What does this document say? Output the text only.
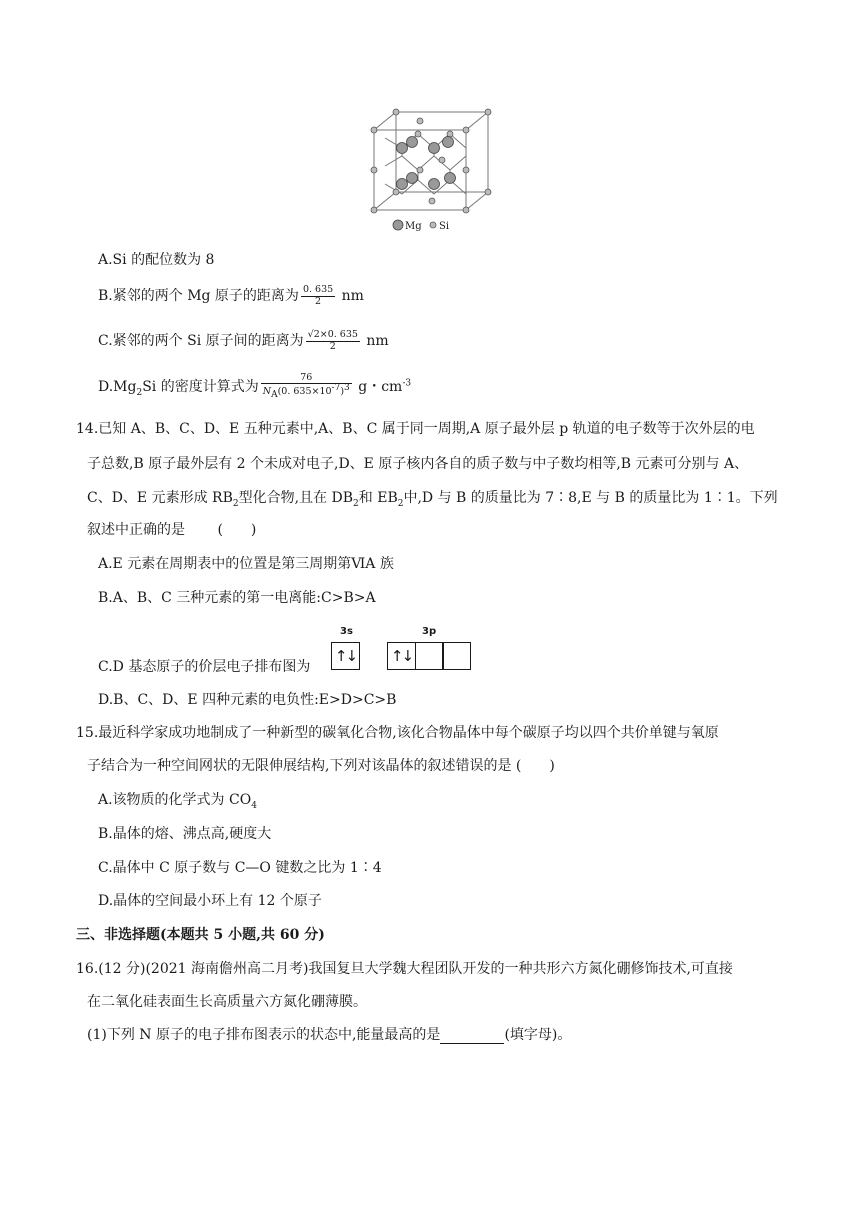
Mg Si
A.Si 的配位数为 8
B.紧邻的两个 Mg 原子的距离为 $\frac{0. 635}{2}$ nm
C.紧邻的两个 Si 原子间的距离为 $\frac{√2\times 0. 635}{2}$ nm
$D.Mg_2Si$ 的密度计算式为 $\frac{76}{N_A(0. 635\times 10^{-7})^3}$ g・$cm^{-3}$
14.已知 A、B、C、D、E 五种元素中,A、B、C 属于同一周期,A 原子最外层 p 轨道的电子数等于次外层的电
子总数,B 原子最外层有 2 个未成对电子,D、E 原子核内各自的质子数与中子数均相等,B 元素可分别与 A、
C、D、E 元素形成 $RB_2$型化合物,且在 $DB_2$和 $EB_2$中,D 与 B 的质量比为 7∶8,E 与 B 的质量比为 1∶1。下列
叙述中正确的是 　　(　　)
A.E 元素在周期表中的位置是第三周期第ⅥA 族
B.A、B、C 三种元素的第一电离能:C>B>A
C.D 基态原子的价层电子排布图为
3s	3p
↑↓ ↑↓
D.B、C、D、E 四种元素的电负性:E>D>C>B
15.最近科学家成功地制成了一种新型的碳氧化合物,该化合物晶体中每个碳原子均以四个共价单键与氧原
子结合为一种空间网状的无限伸展结构,下列对该晶体的叙述错误的是 (　　)
A.该物质的化学式为 $CO_4$
B.晶体的熔、沸点高,硬度大
C.晶体中 C 原子数与 C—O 键数之比为 1∶4
D.晶体的空间最小环上有 12 个原子
三、非选择题(本题共 5 小题,共 60 分)
16.(12 分)(2021 海南儋州高二月考)我国复旦大学魏大程团队开发的一种共形六方氮化硼修饰技术,可直接
在二氧化硅表面生长高质量六方氮化硼薄膜。
(1)下列 N 原子的电子排布图表示的状态中,能量最高的是	(填字母)。
